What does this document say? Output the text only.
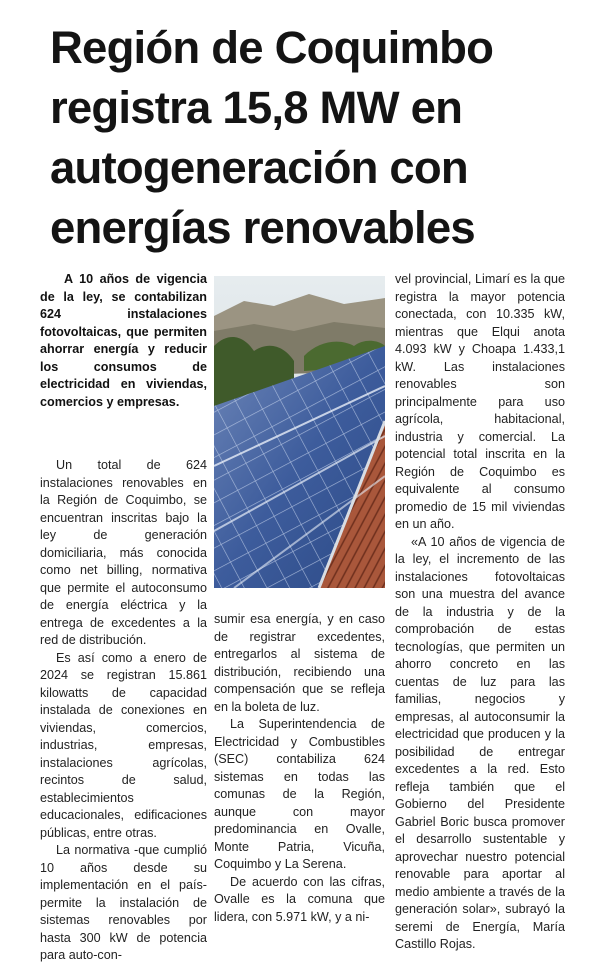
Región de Coquimbo
registra 15,8 MW en
autogeneración con
energías renovables

A 10 años de vigencia de la ley, se contabilizan 624 instalaciones fotovoltaicas, que permiten ahorrar energía y reducir los consumos de electricidad en viviendas, comercios y empresas.

Un total de 624 instalaciones renovables en la Región de Coquimbo, se encuentran inscritas bajo la ley de generación domiciliaria, más conocida como net billing, normativa que permite el autoconsumo de energía eléctrica y la entrega de excedentes a la red de distribución.

Es así como a enero de 2024 se registran 15.861 kilowatts de capacidad instalada de conexiones en viviendas, comercios, industrias, empresas, instalaciones agrícolas, recintos de salud, establecimientos educacionales, edificaciones públicas, entre otras.

La normativa -que cumplió 10 años desde su implementación en el país- permite la instalación de sistemas renovables por hasta 300 kW de potencia para auto-con-

sumir esa energía, y en caso de registrar excedentes, entregarlos al sistema de distribución, recibiendo una compensación que se refleja en la boleta de luz.

La Superintendencia de Electricidad y Combustibles (SEC) contabiliza 624 sistemas en todas las comunas de la Región, aunque con mayor predominancia en Ovalle, Monte Patria, Vicuña, Coquimbo y La Serena.

De acuerdo con las cifras, Ovalle es la comuna que lidera, con 5.971 kW, y a ni-

vel provincial, Limarí es la que registra la mayor potencia conectada, con 10.335 kW, mientras que Elqui anota 4.093 kW y Choapa 1.433,1 kW. Las instalaciones renovables son principalmente para uso agrícola, habitacional, industria y comercial. La potencial total inscrita en la Región de Coquimbo es equivalente al consumo promedio de 15 mil viviendas en un año.

«A 10 años de vigencia de la ley, el incremento de las instalaciones fotovoltaicas son una muestra del avance de la industria y de la comprobación de estas tecnologías, que permiten un ahorro concreto en las cuentas de luz para las familias, negocios y empresas, al autoconsumir la electricidad que producen y la posibilidad de entregar excedentes a la red. Esto refleja también que el Gobierno del Presidente Gabriel Boric busca promover el desarrollo sustentable y aprovechar nuestro potencial renovable para aportar al medio ambiente a través de la generación solar», subrayó la seremi de Energía, María Castillo Rojas.
